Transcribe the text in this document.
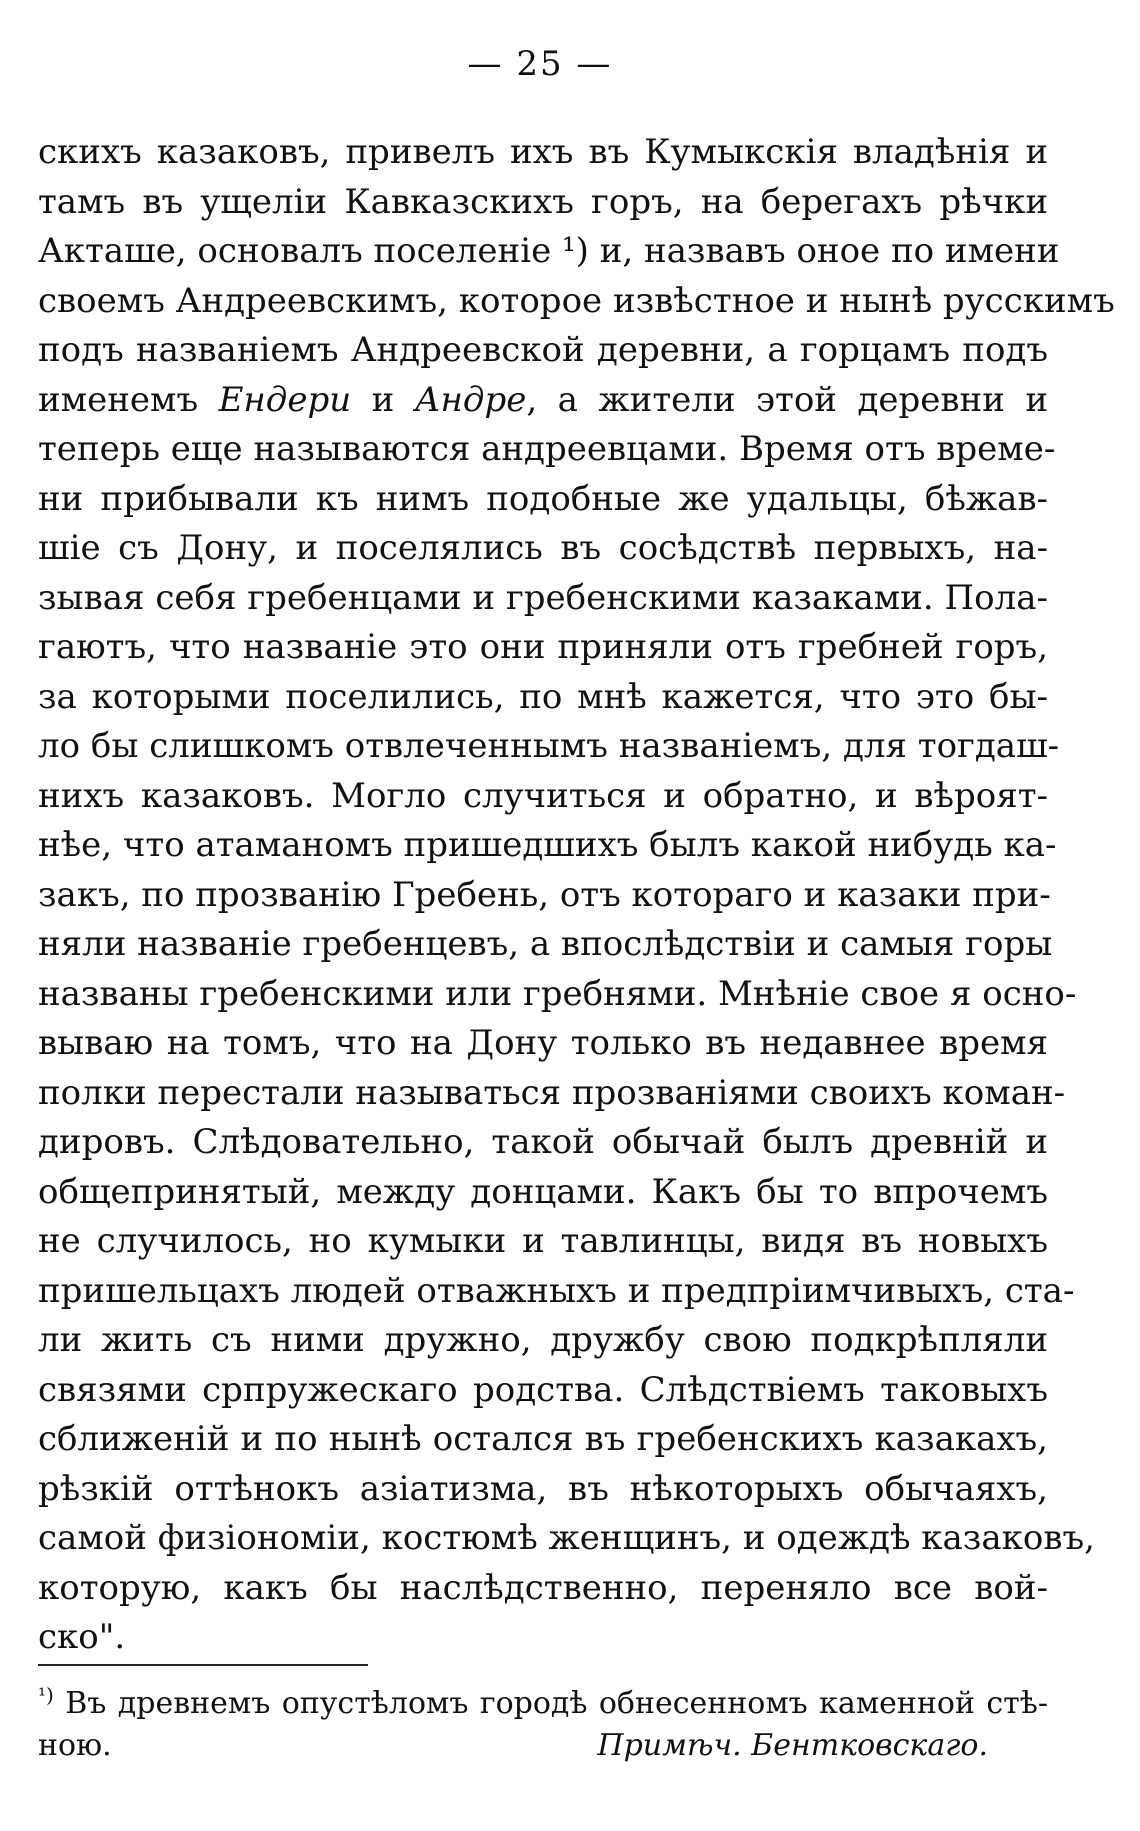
— 25 —
скихъ казаковъ, привелъ ихъ въ Кумыкскія владѣнія и
тамъ въ ущеліи Кавказскихъ горъ, на берегахъ рѣчки
Акташе, основалъ поселеніе ¹) и, назвавъ оное по имени
своемъ Андреевскимъ, которое извѣстное и нынѣ русскимъ
подъ названіемъ Андреевской деревни, а горцамъ подъ
именемъ Ендери и Андре, а жители этой деревни и
теперь еще называются андреевцами. Время отъ време-
ни прибывали къ нимъ подобные же удальцы, бѣжав-
шіе съ Дону, и поселялись въ сосѣдствѣ первыхъ, на-
зывая себя гребенцами и гребенскими казаками. Пола-
гаютъ, что названіе это они приняли отъ гребней горъ,
за которыми поселились, по мнѣ кажется, что это бы-
ло бы слишкомъ отвлеченнымъ названіемъ, для тогдаш-
нихъ казаковъ. Могло случиться и обратно, и вѣроят-
нѣе, что атаманомъ пришедшихъ былъ какой нибудь ка-
закъ, по прозванію Гребень, отъ котораго и казаки при-
няли названіе гребенцевъ, а впослѣдствіи и самыя горы
названы гребенскими или гребнями. Мнѣніе свое я осно-
вываю на томъ, что на Дону только въ недавнее время
полки перестали называться прозваніями своихъ коман-
дировъ. Слѣдовательно, такой обычай былъ древній и
общепринятый, между донцами. Какъ бы то впрочемъ
не случилось, но кумыки и тавлинцы, видя въ новыхъ
пришельцахъ людей отважныхъ и предпріимчивыхъ, ста-
ли жить съ ними дружно, дружбу свою подкрѣпляли
связями српружескаго родства. Слѣдствіемъ таковыхъ
сближеній и по нынѣ остался въ гребенскихъ казакахъ,
рѣзкій оттѣнокъ азіатизма, въ нѣкоторыхъ обычаяхъ,
самой физіономіи, костюмѣ женщинъ, и одеждѣ казаковъ,
которую, какъ бы наслѣдственно, переняло все вой-
ско".
$^{^1)}$ Въ древнемъ опустѣломъ городѣ обнесенномъ каменной стѣ-
ною.	Примѣч. Бентковскаго.
